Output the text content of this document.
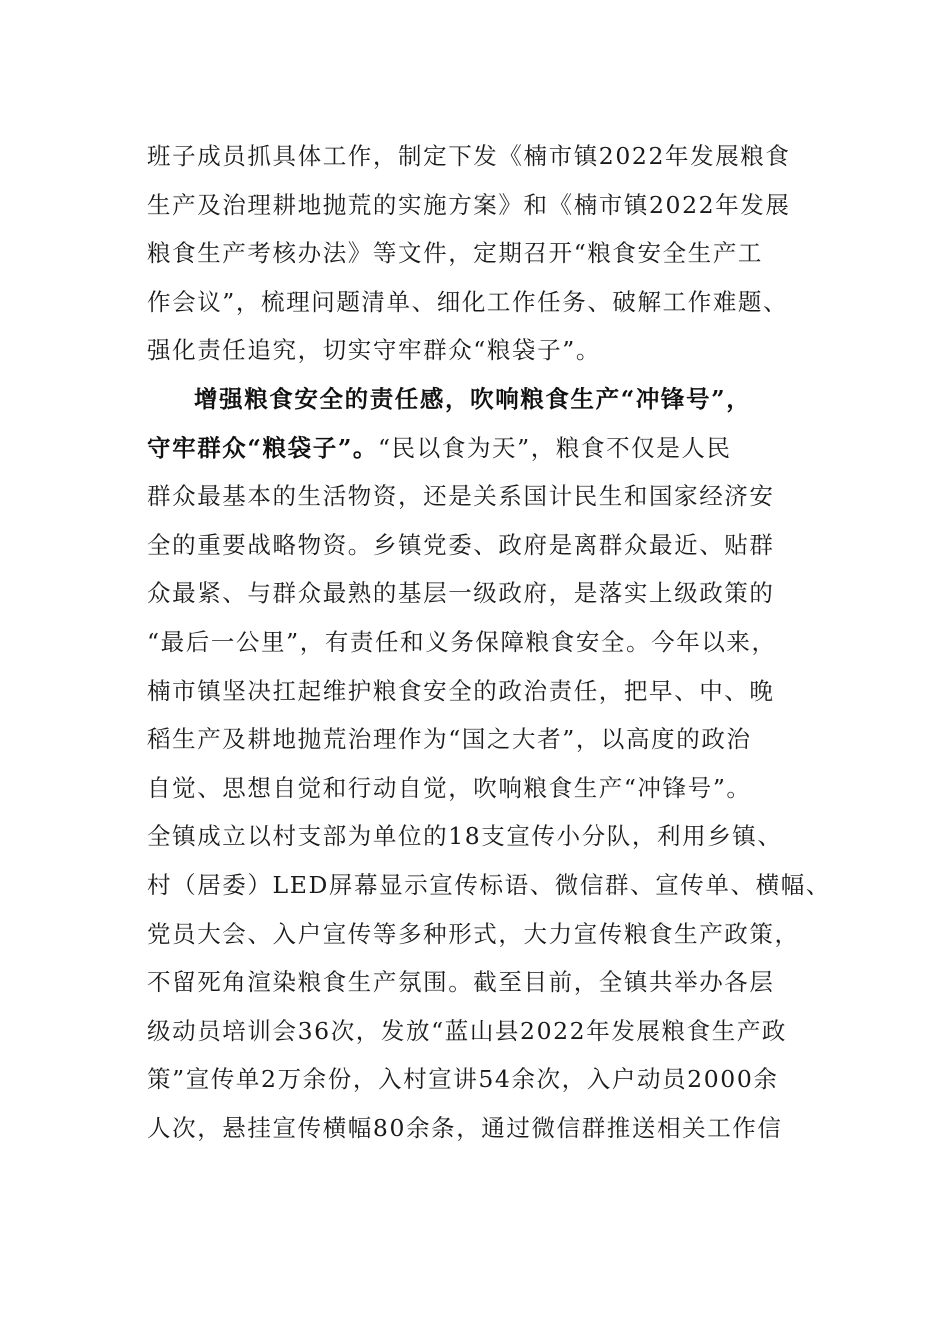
班子成员抓具体工作，制定下发《楠市镇2022年发展粮食
生产及治理耕地抛荒的实施方案》和《楠市镇2022年发展
粮食生产考核办法》等文件，定期召开“粮食安全生产工
作会议”，梳理问题清单、细化工作任务、破解工作难题、
强化责任追究，切实守牢群众“粮袋子”。
增强粮食安全的责任感，吹响粮食生产“冲锋号”，
守牢群众“粮袋子”。“民以食为天”，粮食不仅是人民
群众最基本的生活物资，还是关系国计民生和国家经济安
全的重要战略物资。乡镇党委、政府是离群众最近、贴群
众最紧、与群众最熟的基层一级政府，是落实上级政策的
“最后一公里”，有责任和义务保障粮食安全。今年以来，
楠市镇坚决扛起维护粮食安全的政治责任，把早、中、晚
稻生产及耕地抛荒治理作为“国之大者”，以高度的政治
自觉、思想自觉和行动自觉，吹响粮食生产“冲锋号”。
全镇成立以村支部为单位的18支宣传小分队，利用乡镇、
村（居委）LED屏幕显示宣传标语、微信群、宣传单、横幅、
党员大会、入户宣传等多种形式，大力宣传粮食生产政策，
不留死角渲染粮食生产氛围。截至目前，全镇共举办各层
级动员培训会36次，发放“蓝山县2022年发展粮食生产政
策”宣传单2万余份，入村宣讲54余次，入户动员2000余
人次，悬挂宣传横幅80余条，通过微信群推送相关工作信
